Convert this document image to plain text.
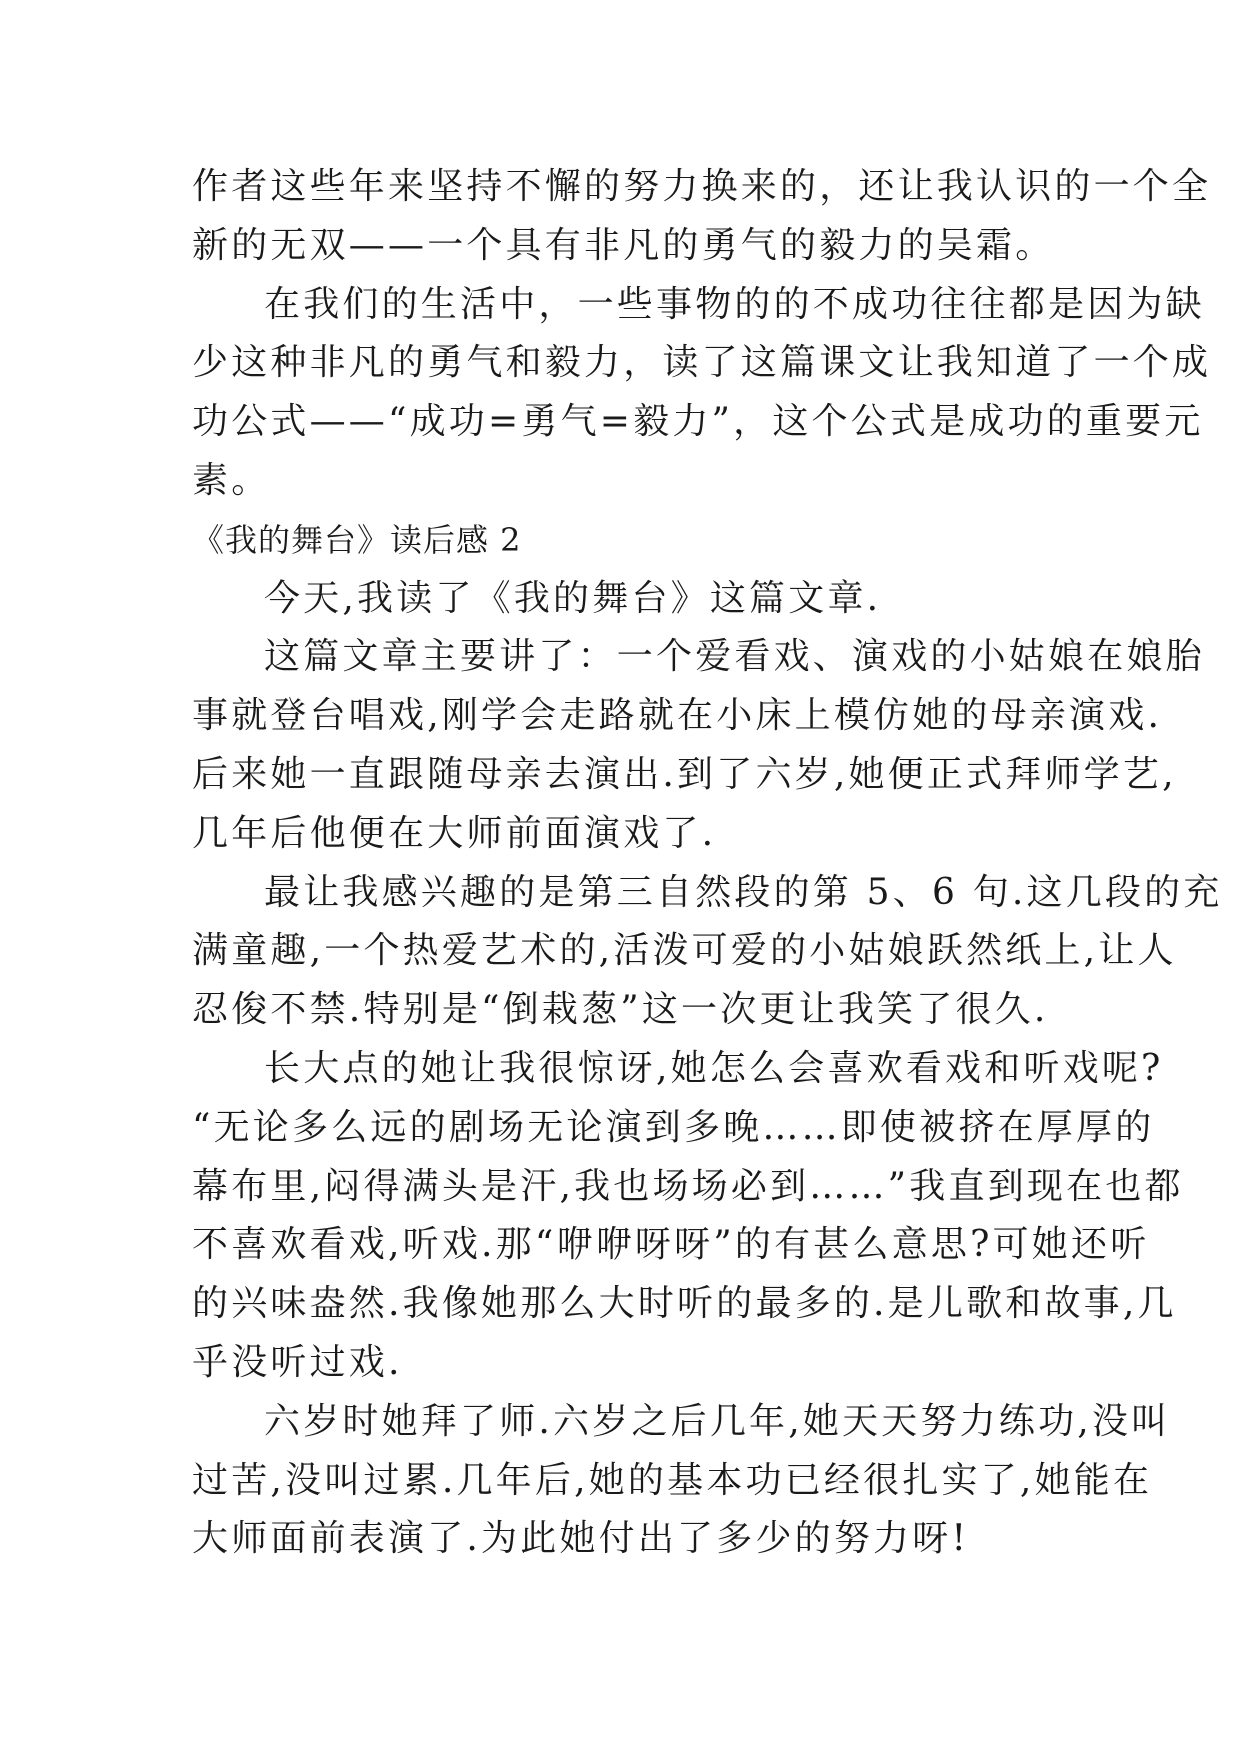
作者这些年来坚持不懈的努力换来的，还让我认识的一个全
新的无双——一个具有非凡的勇气的毅力的吴霜。

在我们的生活中，一些事物的的不成功往往都是因为缺
少这种非凡的勇气和毅力，读了这篇课文让我知道了一个成
功公式——“成功=勇气=毅力”，这个公式是成功的重要元
素。

《我的舞台》读后感 2

今天,我读了《我的舞台》这篇文章.

这篇文章主要讲了：一个爱看戏、演戏的小姑娘在娘胎
事就登台唱戏,刚学会走路就在小床上模仿她的母亲演戏.
后来她一直跟随母亲去演出.到了六岁,她便正式拜师学艺,
几年后他便在大师前面演戏了.

最让我感兴趣的是第三自然段的第 5、6 句.这几段的充
满童趣,一个热爱艺术的,活泼可爱的小姑娘跃然纸上,让人
忍俊不禁.特别是“倒栽葱”这一次更让我笑了很久.

长大点的她让我很惊讶,她怎么会喜欢看戏和听戏呢?
“无论多么远的剧场无论演到多晚……即使被挤在厚厚的
幕布里,闷得满头是汗,我也场场必到……”我直到现在也都
不喜欢看戏,听戏.那“咿咿呀呀”的有甚么意思?可她还听
的兴味盎然.我像她那么大时听的最多的.是儿歌和故事,几
乎没听过戏.

六岁时她拜了师.六岁之后几年,她天天努力练功,没叫
过苦,没叫过累.几年后,她的基本功已经很扎实了,她能在
大师面前表演了.为此她付出了多少的努力呀!
